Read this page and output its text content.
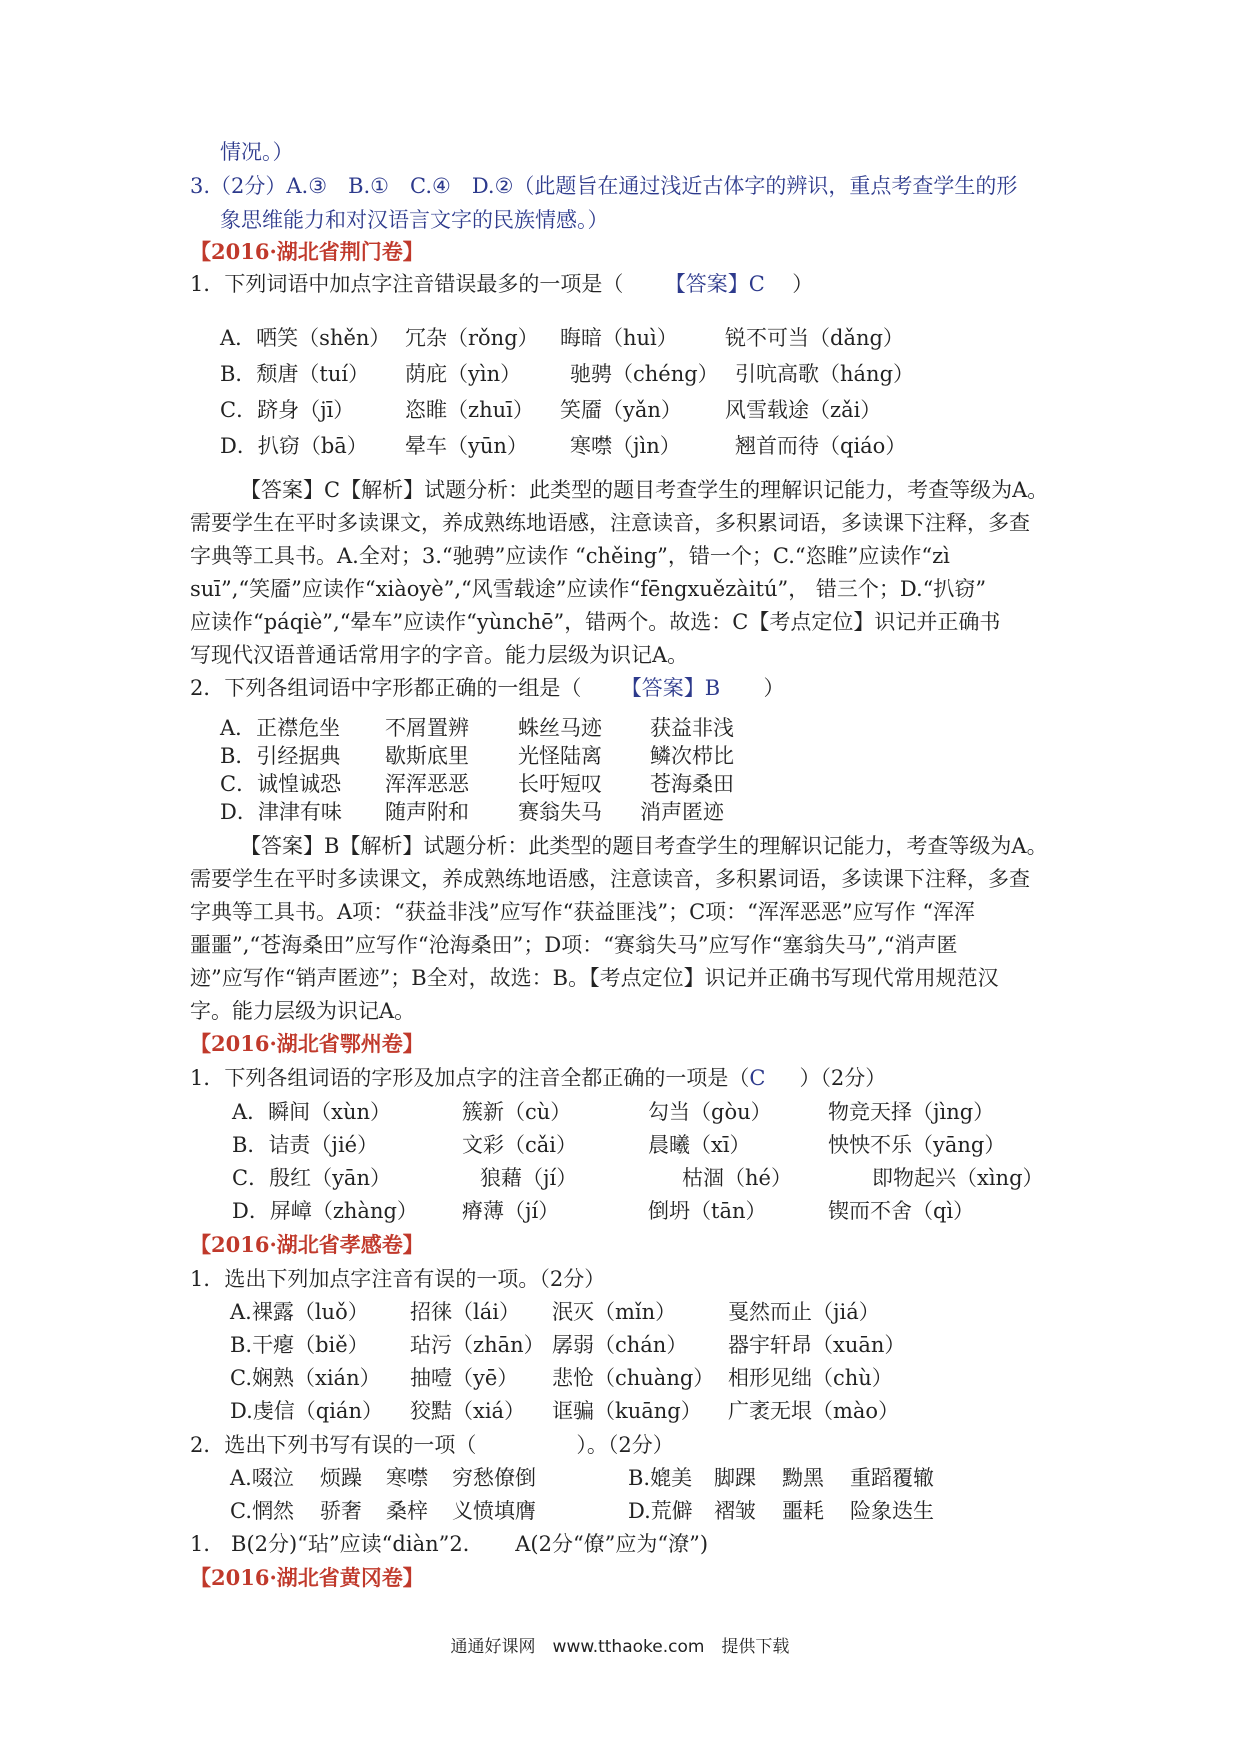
情况。）
3.（2分）A.③　B.①　C.④　D.②（此题旨在通过浅近古体字的辨识，重点考查学生的形
象思维能力和对汉语言文字的民族情感。）
【2016·湖北省荆门卷】
1．下列词语中加点字注音错误最多的一项是（ 【答案】C ）
A．哂笑（shěn） 冗杂（rǒng） 晦暗（huì） 锐不可当（dǎng）
B．颓唐（tuí） 荫庇（yìn） 驰骋（chéng） 引吭高歌（háng）
C．跻身（jī） 恣睢（zhuī） 笑靥（yǎn） 风雪载途（zǎi）
D．扒窃（bā） 晕车（yūn） 寒噤（jìn）	翘首而待（qiáo）
【答案】C【解析】试题分析：此类型的题目考查学生的理解识记能力，考查等级为A。
需要学生在平时多读课文，养成熟练地语感，注意读音，多积累词语，多读课下注释，多查
字典等工具书。A.全对；3.“驰骋”应读作 “chěing”，错一个；C.“恣睢”应读作“zì
suī”,“笑靥”应读作“xiàoyè”,“风雪载途”应读作“fēngxuězàitú”， 错三个；D.“扒窃”
应读作“páqiè”,“晕车”应读作“yùnchē”，错两个。故选：C【考点定位】识记并正确书
写现代汉语普通话常用字的字音。能力层级为识记A。
2．下列各组词语中字形都正确的一组是（ 【答案】B ）
A．正襟危坐 不屑置辨 蛛丝马迹 获益非浅
B．引经据典 歇斯底里 光怪陆离 鳞次栉比
C．诚惶诚恐 浑浑恶恶 长吁短叹 苍海桑田
D．津津有味 随声附和 赛翁失马 消声匿迹
【答案】B【解析】试题分析：此类型的题目考查学生的理解识记能力，考查等级为A。
需要学生在平时多读课文，养成熟练地语感，注意读音，多积累词语，多读课下注释，多查
字典等工具书。A项：“获益非浅”应写作“获益匪浅”；C项：“浑浑恶恶”应写作 “浑浑
噩噩”,“苍海桑田”应写作“沧海桑田”；D项：“赛翁失马”应写作“塞翁失马”,“消声匿
迹”应写作“销声匿迹”；B全对，故选：B。【考点定位】识记并正确书写现代常用规范汉
字。能力层级为识记A。
【2016·湖北省鄂州卷】
1．下列各组词语的字形及加点字的注音全都正确的一项是（C ）（2分）
A．瞬间（xùn）	簇新（cù）	勾当（gòu）	物竞天择（jìng）
B．诘责（jié）	文彩（cǎi）	晨曦（xī）	怏怏不乐（yāng）
C．殷红（yān）	狼藉（jí）	枯涸（hé）	即物起兴（xìng）
D．屏嶂（zhàng） 瘠薄（jí）	倒坍（tān）	锲而不舍（qì）
【2016·湖北省孝感卷】
1．选出下列加点字注音有误的一项。（2分）
A.裸露（luǒ） 招徕（lái） 泯灭（mǐn） 戛然而止（jiá）
B.干瘪（biě） 玷污（zhān） 孱弱（chán） 器宇轩昂（xuān）
C.娴熟（xián） 抽噎（yē） 悲怆（chuàng） 相形见绌（chù）
D.虔信（qián） 狡黠（xiá） 诓骗（kuāng） 广袤无垠（mào）
2．选出下列书写有误的一项（	）。（2分）
A.啜泣 烦躁 寒噤 穷愁僚倒	B.媲美 脚踝 黝黑 重蹈覆辙
C.惘然 骄奢 桑梓 义愤填膺	D.荒僻 褶皱 噩耗 险象迭生
1． B(2分)“玷”应读“diàn”2．　　A(2分“僚”应为“潦”)
【2016·湖北省黄冈卷】
通通好课网　www.tthaoke.com　提供下载
